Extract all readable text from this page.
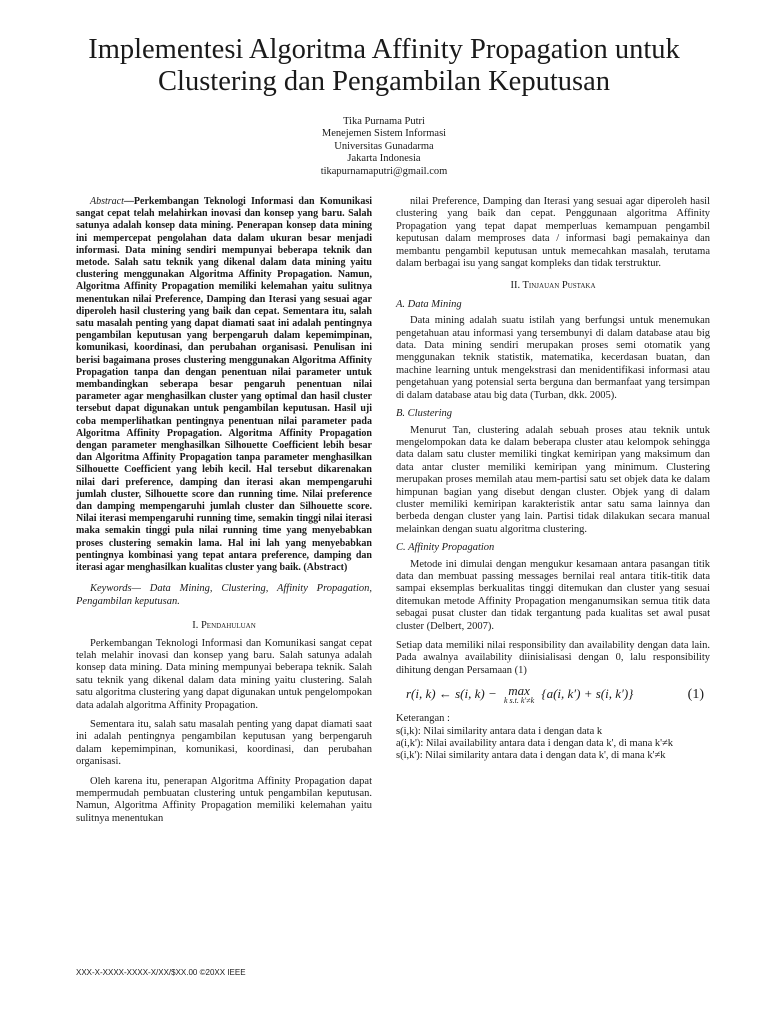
Implementesi Algoritma Affinity Propagation untuk Clustering dan Pengambilan Keputusan
Tika Purnama Putri
Menejemen Sistem Informasi
Universitas Gunadarma
Jakarta Indonesia
tikapurnamaputri@gmail.com

Abstract—Perkembangan Teknologi Informasi dan Komunikasi sangat cepat telah melahirkan inovasi dan konsep yang baru. Salah satunya adalah konsep data mining. Penerapan konsep data mining ini mempercepat pengolahan data dalam ukuran besar menjadi informasi. Data mining sendiri mempunyai beberapa teknik dan metode. Salah satu teknik yang dikenal dalam data mining yaitu clustering menggunakan Algoritma Affinity Propagation. Namun, Algoritma Affinity Propagation memiliki kelemahan yaitu sulitnya menentukan nilai Preference, Damping dan Iterasi yang sesuai agar diperoleh hasil clustering yang baik dan cepat. Sementara itu, salah satu masalah penting yang dapat diamati saat ini adalah pentingnya pengambilan keputusan yang berpengaruh dalam kepemimpinan, komunikasi, koordinasi, dan perubahan organisasi. Penulisan ini berisi bagaimana proses clustering menggunakan Algoritma Affinity Propagation tanpa dan dengan penentuan nilai parameter untuk membandingkan seberapa besar pengaruh penentuan nilai parameter agar menghasilkan cluster yang optimal dan hasil cluster tersebut dapat digunakan untuk pengambilan keputusan. Hasil uji coba memperlihatkan pentingnya penentuan nilai parameter pada Algoritma Affinity Propagation. Algoritma Affinity Propagation dengan parameter menghasilkan Silhouette Coefficient lebih besar dan Algoritma Affinity Propagation tanpa parameter menghasilkan Silhouette Coefficient yang lebih kecil. Hal tersebut dikarenakan nilai dari preference, damping dan iterasi akan mempengaruhi jumlah cluster, Silhouette score dan running time. Nilai preference dan damping mempengaruhi jumlah cluster dan Silhouette score. Nilai iterasi mempengaruhi running time, semakin tinggi nilai iterasi maka semakin tinggi pula nilai running time yang menyebabkan proses clustering semakin lama. Hal ini lah yang menyebabkan pentingnya kombinasi yang tepat antara preference, damping dan iterasi agar menghasilkan kualitas cluster yang baik. (Abstract)

Keywords— Data Mining, Clustering, Affinity Propagation, Pengambilan keputusan.

I. Pendahuluan

Perkembangan Teknologi Informasi dan Komunikasi sangat cepat telah melahir inovasi dan konsep yang baru. Salah satunya adalah konsep data mining. Data mining mempunyai beberapa teknik. Salah satu teknik yang dikenal dalam data mining yaitu clustering. Salah satu algoritma clustering yang dapat digunakan untuk pengelompokan data adalah algoritma Affinity Propagation.

Sementara itu, salah satu masalah penting yang dapat diamati saat ini adalah pentingnya pengambilan keputusan yang berpengaruh dalam kepemimpinan, komunikasi, koordinasi, dan perubahan organisasi.

Oleh karena itu, penerapan Algoritma Affinity Propagation dapat mempermudah pembuatan clustering untuk pengambilan keputusan. Namun, Algoritma Affinity Propagation memiliki kelemahan yaitu sulitnya menentukan

nilai Preference, Damping dan Iterasi yang sesuai agar diperoleh hasil clustering yang baik dan cepat. Penggunaan algoritma Affinity Propagation yang tepat dapat memperluas kemampuan pengambil keputusan dalam memproses data / informasi bagi pemakainya dan membantu pengambil keputusan untuk memecahkan masalah, terutama dalam berbagai isu yang sangat kompleks dan tidak terstruktur.

II. Tinjauan Pustaka
A. Data Mining

Data mining adalah suatu istilah yang berfungsi untuk menemukan pengetahuan atau informasi yang tersembunyi di dalam database atau big data. Data mining sendiri merupakan proses semi otomatik yang menggunakan teknik statistik, matematika, kecerdasan buatan, dan machine learning untuk mengekstrasi dan menidentifikasi informasi atau pengetahuan yang potensial serta berguna dan bermanfaat yang tersimpan di dalam database atau big data (Turban, dkk. 2005).

B. Clustering

Menurut Tan, clustering adalah sebuah proses atau teknik untuk mengelompokan data ke dalam beberapa cluster atau kelompok sehingga data dalam satu cluster memiliki tingkat kemiripan yang maksimum dan data antar cluster memiliki kemiripan yang minimum. Clustering merupakan proses memilah atau mem-partisi satu set objek data ke dalam himpunan bagian yang disebut dengan cluster. Objek yang di dalam cluster memiliki kemiripan karakteristik antar satu sama lainnya dan berbeda dengan cluster yang lain. Partisi tidak dilakukan secara manual melainkan dengan suatu algoritma clustering.

C. Affinity Propagation

Metode ini dimulai dengan mengukur kesamaan antara pasangan titik data dan membuat passing messages bernilai real antara titik-titik data sampai eksemplas berkualitas tinggi ditemukan dan cluster yang sesuai ditemukan metode Affinity Propagation menganumsikan semua titik data sebagai pusat cluster dan tidak tergantung pada kualitas set awal pusat cluster (Delbert, 2007).

Setiap data memiliki nilai responsibility dan availability dengan data lain. Pada awalnya availability diinisialisasi dengan 0, lalu responsibility dihitung dengan Persamaan (1)

r(i, k) ← s(i, k) − max
k s.t. k′≠k {a(i, k′) + s(i, k′)}	(1)
Keterangan :
s(i,k): Nilai similarity antara data i dengan data k
a(i,k'): Nilai availability antara data i dengan data k', di mana k'≠k
s(i,k'): Nilai similarity antara data i dengan data k', di mana k'≠k
XXX-X-XXXX-XXXX-X/XX/$XX.00 ©20XX IEEE
